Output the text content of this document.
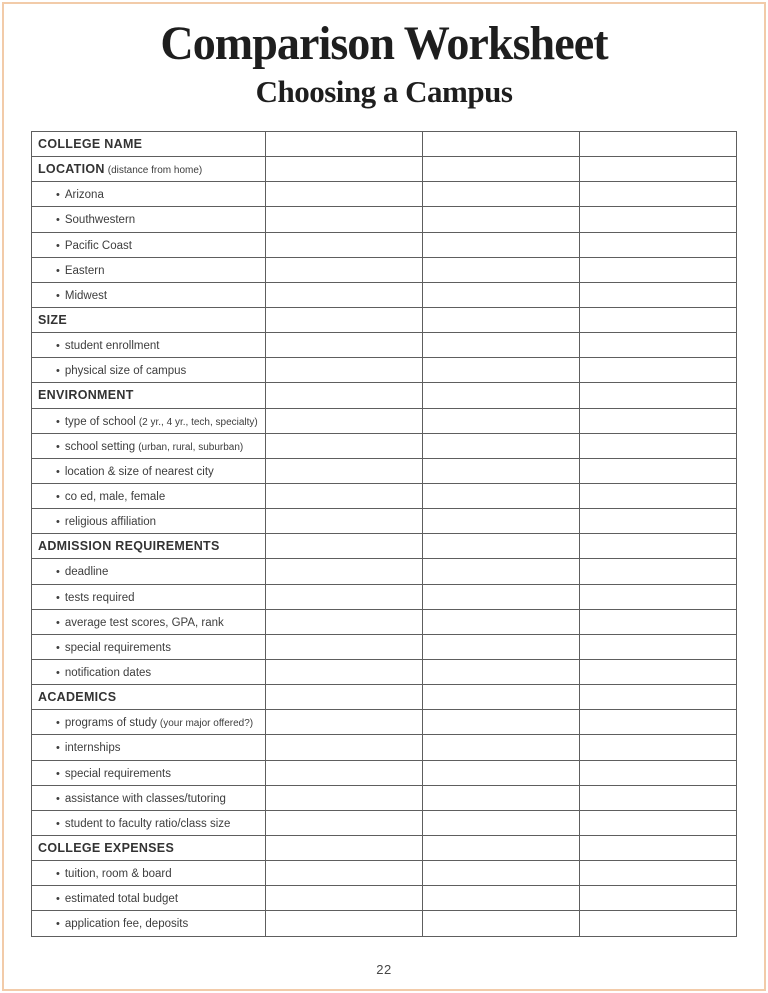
Comparison Worksheet
Choosing a Campus
COLLEGE NAME			
LOCATION (distance from home)			
• Arizona			
• Southwestern			
• Pacific Coast			
• Eastern			
• Midwest			
SIZE			
• student enrollment			
• physical size of campus			
ENVIRONMENT			
• type of school (2 yr., 4 yr., tech, specialty)			
• school setting (urban, rural, suburban)			
• location & size of nearest city			
• co ed, male, female			
• religious affiliation			
ADMISSION REQUIREMENTS			
• deadline			
• tests required			
• average test scores, GPA, rank			
• special requirements			
• notification dates			
ACADEMICS			
• programs of study (your major offered?)			
• internships			
• special requirements			
• assistance with classes/tutoring			
• student to faculty ratio/class size			
COLLEGE EXPENSES			
• tuition, room & board			
• estimated total budget			
• application fee, deposits			
22
